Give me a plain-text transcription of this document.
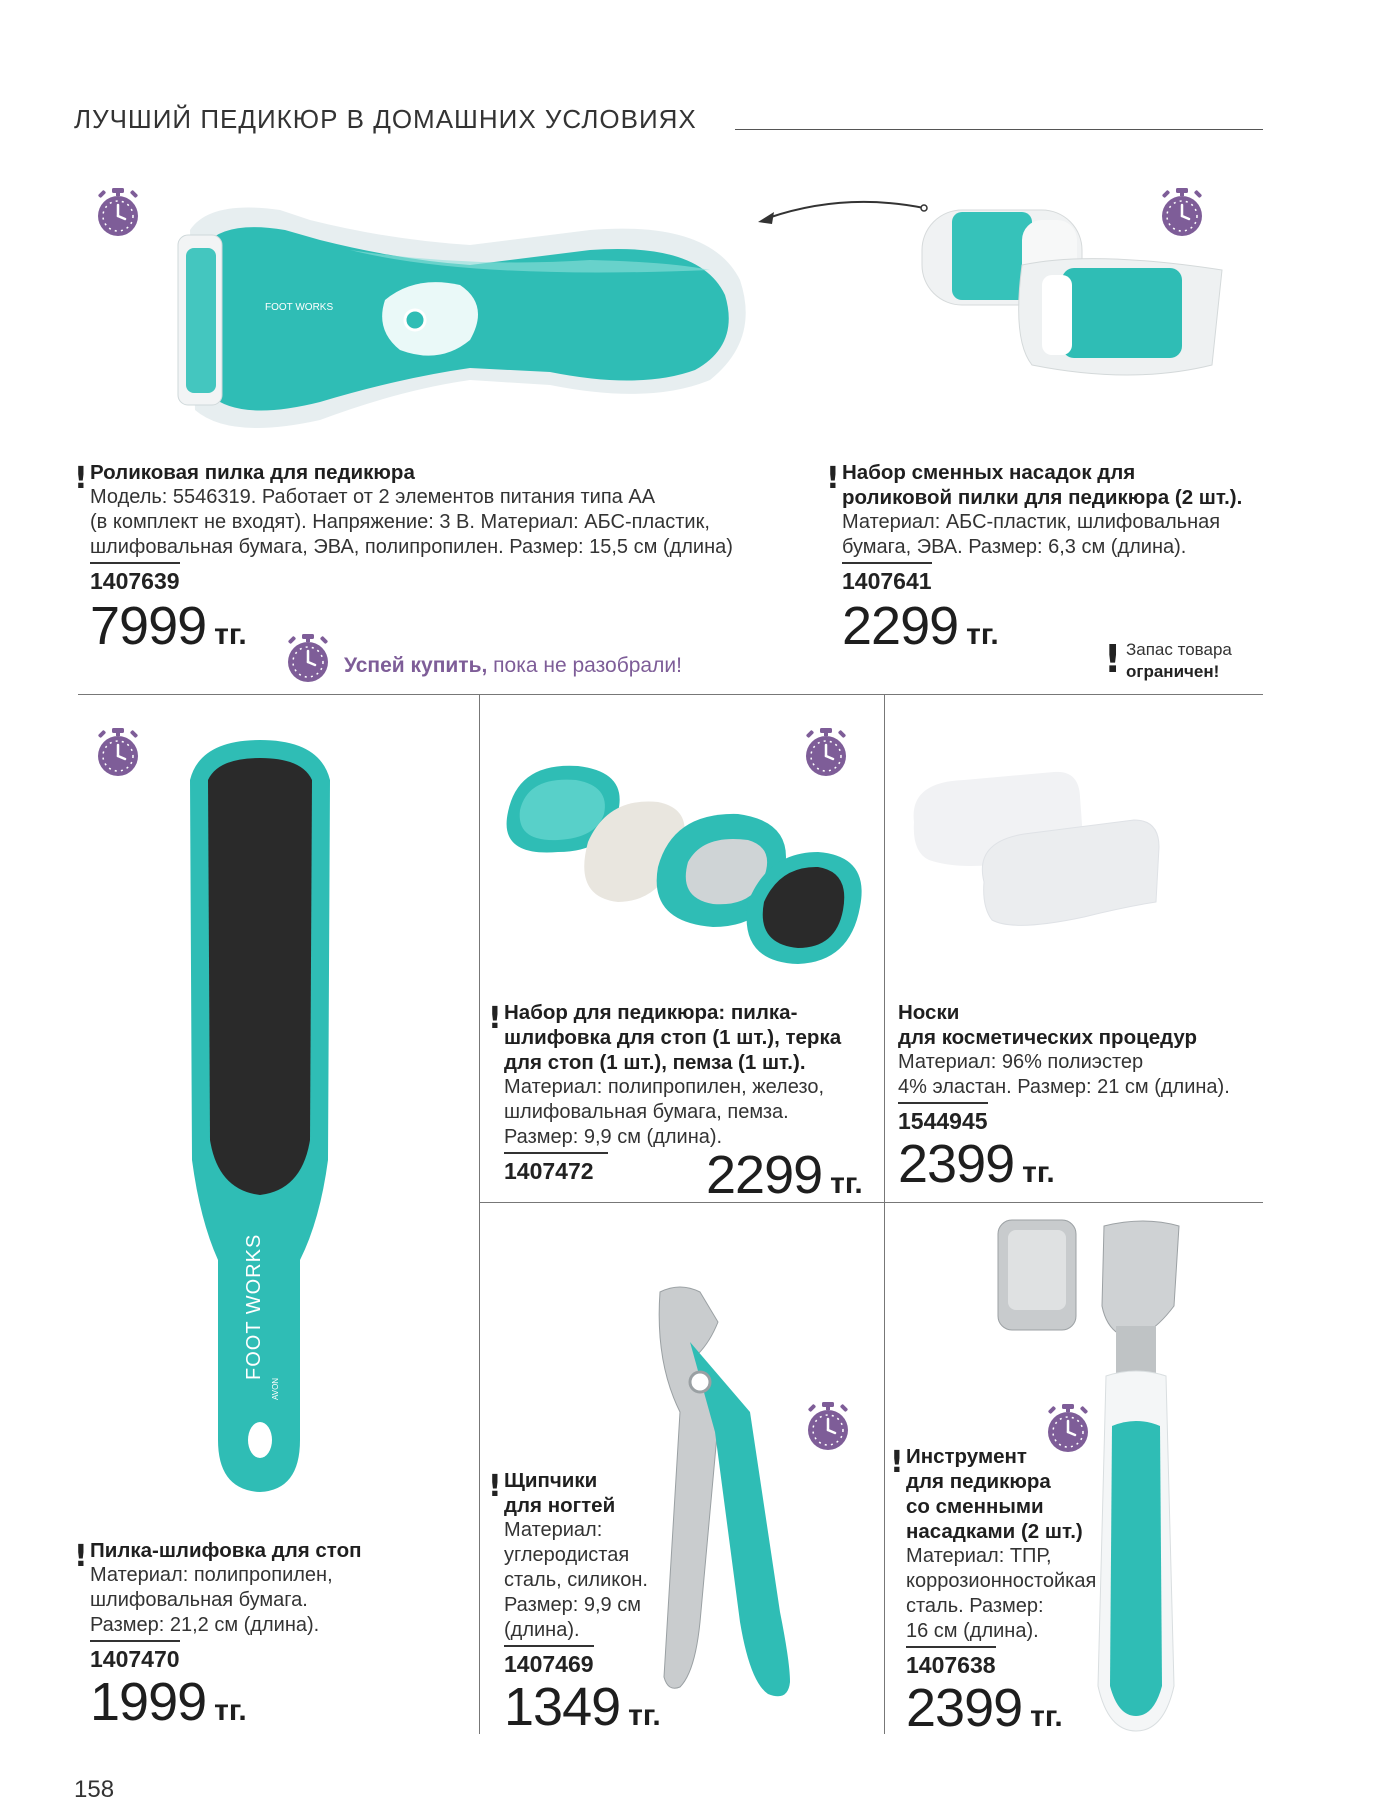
ЛУЧШИЙ ПЕДИКЮР В ДОМАШНИХ УСЛОВИЯХ
FOOT WORKS
! Роликовая пилка для педикюра
Модель: 5546319. Работает от 2 элементов питания типа АА
(в комплект не входят). Напряжение: 3 В. Материал: АБС-пластик,
шлифовальная бумага, ЭВА, полипропилен. Размер: 15,5 см (длина)
1407639
7999 тг.
! Набор сменных насадок для
роликовой пилки для педикюра (2 шт.).
Материал: АБС-пластик, шлифовальная
бумага, ЭВА. Размер: 6,3 см (длина).
1407641
2299 тг.
Успей купить, пока не разобрали!	! Запас товара
ограничен!
FOOT WORKS
AVON
! Пилка-шлифовка для стоп
Материал: полипропилен,
шлифовальная бумага.
Размер: 21,2 см (длина).
1407470
1999 тг.
158
! Набор для педикюра: пилка-
шлифовка для стоп (1 шт.), терка
для стоп (1 шт.), пемза (1 шт.).
Материал: полипропилен, железо,
шлифовальная бумага, пемза.
Размер: 9,9 см (длина).
1407472	2299 тг.
Носки
для косметических процедур
Материал: 96% полиэстер
4% эластан. Размер: 21 см (длина).
1544945
2399 тг.
! Щипчики
для ногтей
Материал:
углеродистая
сталь, силикон.
Размер: 9,9 см
(длина).
1407469
1349 тг.
! Инструмент
для педикюра
со сменными
насадками (2 шт.)
Материал: ТПР,
коррозионностойкая
сталь. Размер:
16 см (длина).
1407638
2399 тг.
